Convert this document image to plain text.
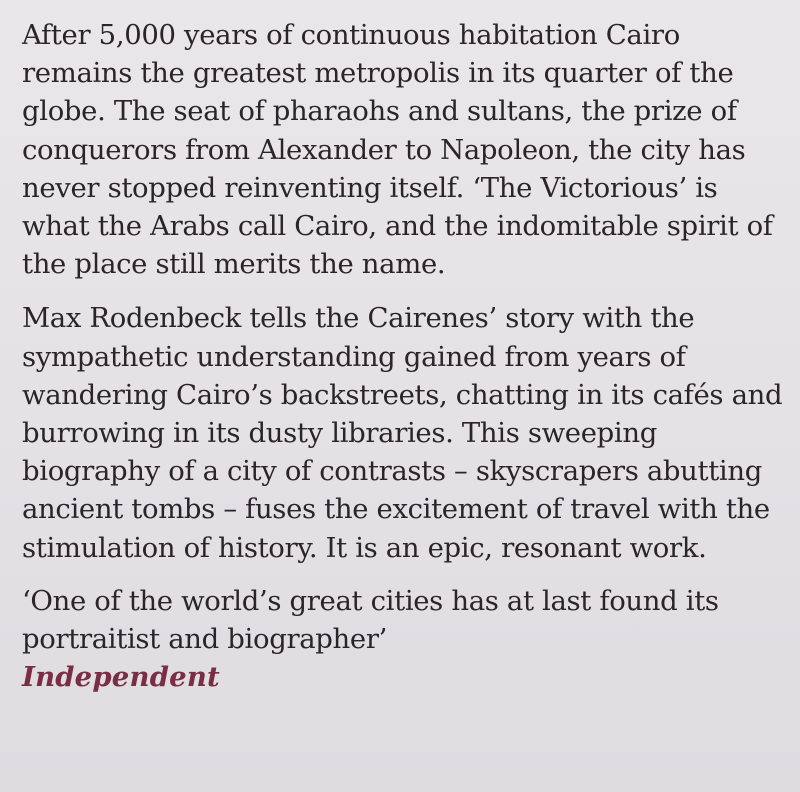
After 5,000 years of continuous habitation Cairo
remains the greatest metropolis in its quarter of the
globe. The seat of pharaohs and sultans, the prize of
conquerors from Alexander to Napoleon, the city has
never stopped reinventing itself. ‘The Victorious’ is
what the Arabs call Cairo, and the indomitable spirit of
the place still merits the name.

Max Rodenbeck tells the Cairenes’ story with the
sympathetic understanding gained from years of
wandering Cairo’s backstreets, chatting in its cafés and
burrowing in its dusty libraries. This sweeping
biography of a city of contrasts – skyscrapers abutting
ancient tombs – fuses the excitement of travel with the
stimulation of history. It is an epic, resonant work.

‘One of the world’s great cities has at last found its
portraitist and biographer’
Independent
